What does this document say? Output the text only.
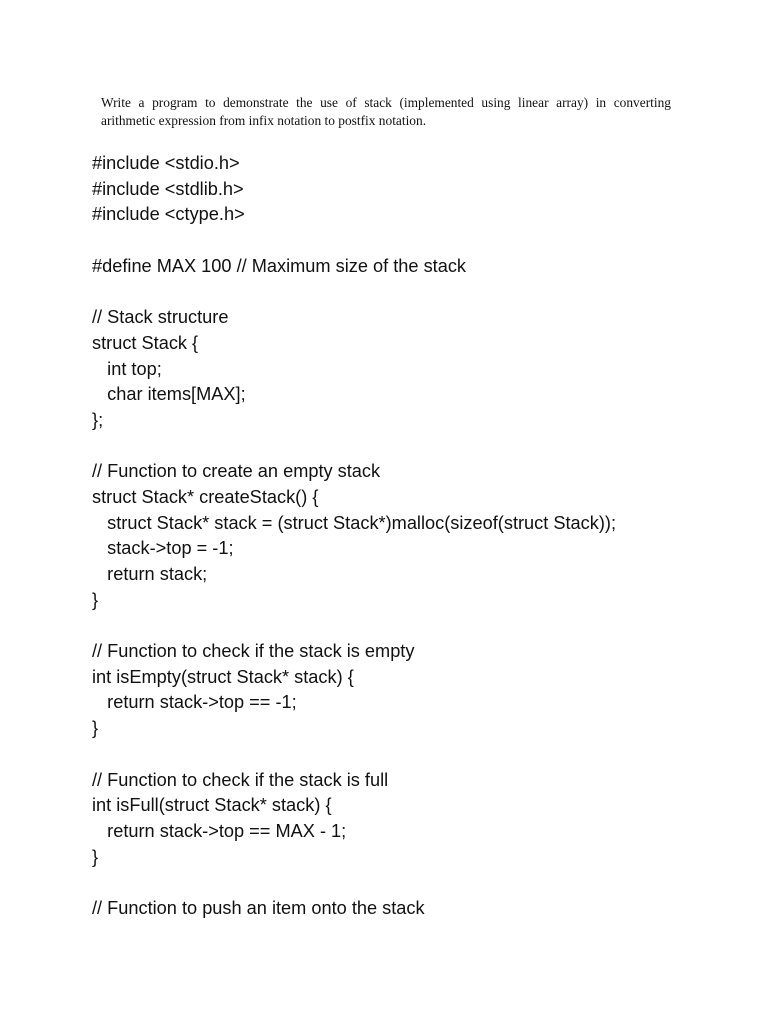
Write a program to demonstrate the use of stack (implemented using linear array) in converting
arithmetic expression from infix notation to postfix notation.
#include <stdio.h>
#include <stdlib.h>
#include <ctype.h>
#define MAX 100 // Maximum size of the stack
// Stack structure
struct Stack {
int top;
char items[MAX];
};
// Function to create an empty stack
struct Stack* createStack() {
struct Stack* stack = (struct Stack*)malloc(sizeof(struct Stack));
stack->top = -1;
return stack;
}
// Function to check if the stack is empty
int isEmpty(struct Stack* stack) {
return stack->top == -1;
}
// Function to check if the stack is full
int isFull(struct Stack* stack) {
return stack->top == MAX - 1;
}
// Function to push an item onto the stack
